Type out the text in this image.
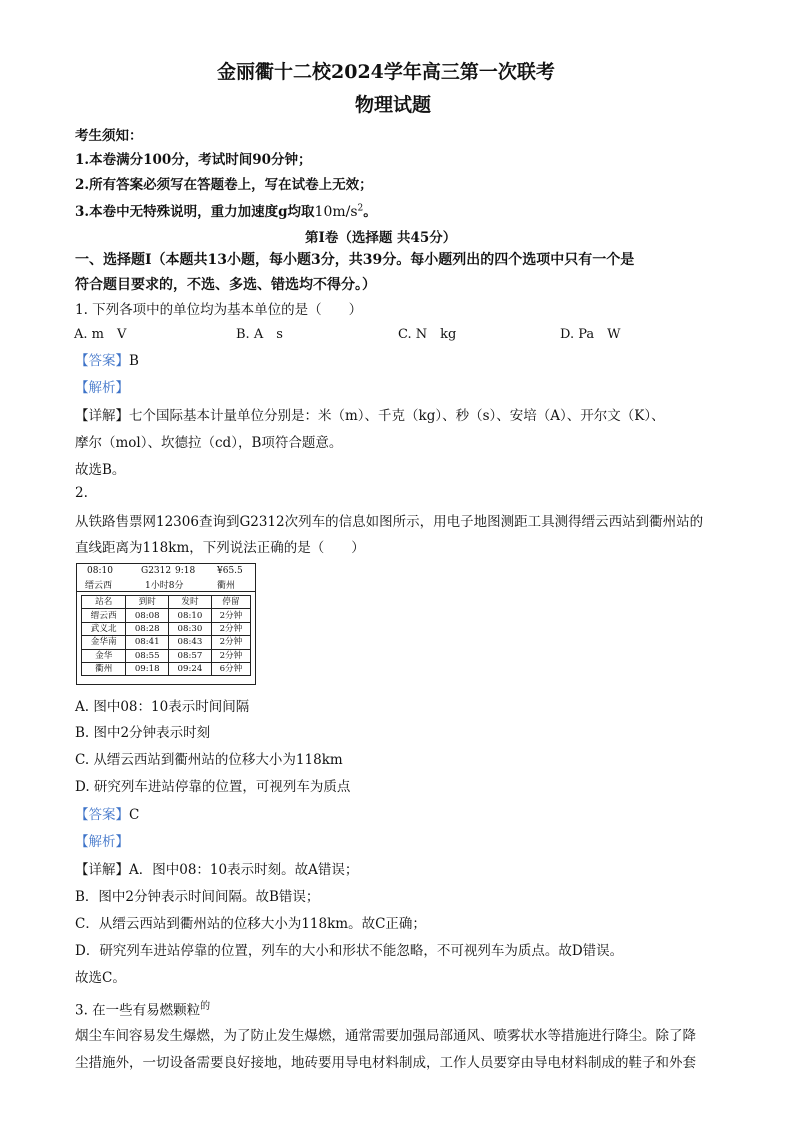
金丽衢十二校2024学年高三第一次联考
物理试题
考生须知：
1.本卷满分100分，考试时间90分钟；
2.所有答案必须写在答题卷上，写在试卷上无效；
3.本卷中无特殊说明，重力加速度g均取$10m/s^2$。
第Ⅰ卷（选择题 共45分）
一、选择题Ⅰ（本题共13小题，每小题3分，共39分。每小题列出的四个选项中只有一个是
符合题目要求的，不选、多选、错选均不得分。）
1. 下列各项中的单位均为基本单位的是（　　）
A. m　V	B. A　s	C. N　kg	D. Pa　W
【答案】B
【解析】
【详解】七个国际基本计量单位分别是：米（m）、千克（kg）、秒（s）、安培（A）、开尔文（K）、
摩尔（mol）、坎德拉（cd），B项符合题意。
故选B。
2.
从铁路售票网12306查询到G2312次列车的信息如图所示，用电子地图测距工具测得缙云西站到衢州站的
直线距离为118km，下列说法正确的是（　　）
08:10	G2312 9:18 ¥65.5
缙云西	1小时8分	衢州
站名	到时	发时	停留
缙云西	08:08	08:10	2分钟
武义北	08:28	08:30	2分钟
金华南	08:41	08:43	2分钟
金华	08:55	08:57	2分钟
衢州	09:18	09:24	6分钟
A. 图中08：10表示时间间隔
B. 图中2分钟表示时刻
C. 从缙云西站到衢州站的位移大小为118km
D. 研究列车进站停靠的位置，可视列车为质点
【答案】C
【解析】
【详解】A．图中08：10表示时刻。故A错误；
B．图中2分钟表示时间间隔。故B错误；
C．从缙云西站到衢州站的位移大小为118km。故C正确；
D．研究列车进站停靠的位置，列车的大小和形状不能忽略，不可视列车为质点。故D错误。
故选C。
3. 在一些有易燃颗粒$^的$
烟尘车间容易发生爆燃，为了防止发生爆燃，通常需要加强局部通风、喷雾状水等措施进行降尘。除了降
尘措施外，一切设备需要良好接地，地砖要用导电材料制成，工作人员要穿由导电材料制成的鞋子和外套
